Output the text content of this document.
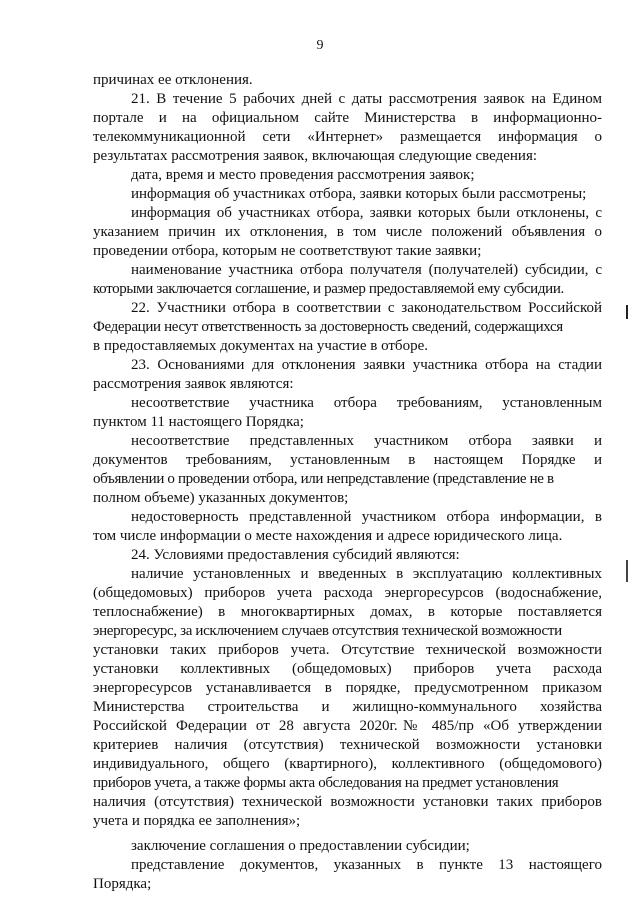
9
причинах ее отклонения.
21. В течение 5 рабочих дней с даты рассмотрения заявок на Едином
портале и на официальном сайте Министерства в информационно-
телекоммуникационной сети «Интернет» размещается информация о
результатах рассмотрения заявок, включающая следующие сведения:
дата, время и место проведения рассмотрения заявок;
информация об участниках отбора, заявки которых были рассмотрены;
информация об участниках отбора, заявки которых были отклонены, с
указанием причин их отклонения, в том числе положений объявления о
проведении отбора, которым не соответствуют такие заявки;
наименование участника отбора получателя (получателей) субсидии, с
которыми заключается соглашение, и размер предоставляемой ему субсидии.
22. Участники отбора в соответствии с законодательством Российской
Федерации несут ответственность за достоверность сведений, содержащихся
в предоставляемых документах на участие в отборе.
23. Основаниями для отклонения заявки участника отбора на стадии
рассмотрения заявок являются:
несоответствие участника отбора требованиям, установленным
пунктом 11 настоящего Порядка;
несоответствие представленных участником отбора заявки и
документов требованиям, установленным в настоящем Порядке и
объявлении о проведении отбора, или непредставление (представление не в
полном объеме) указанных документов;
недостоверность представленной участником отбора информации, в
том числе информации о месте нахождения и адресе юридического лица.
24. Условиями предоставления субсидий являются:
наличие установленных и введенных в эксплуатацию коллективных
(общедомовых) приборов учета расхода энергоресурсов (водоснабжение,
теплоснабжение) в многоквартирных домах, в которые поставляется
энергоресурс, за исключением случаев отсутствия технической возможности
установки таких приборов учета. Отсутствие технической возможности
установки коллективных (общедомовых) приборов учета расхода
энергоресурсов устанавливается в порядке, предусмотренном приказом
Министерства строительства и жилищно-коммунального хозяйства
Российской Федерации от 28 августа 2020г.№ 485/пр «Об утверждении
критериев наличия (отсутствия) технической возможности установки
индивидуального, общего (квартирного), коллективного (общедомового)
приборов учета, а также формы акта обследования на предмет установления
наличия (отсутствия) технической возможности установки таких приборов
учета и порядка ее заполнения»;
заключение соглашения о предоставлении субсидии;
представление документов, указанных в пункте 13 настоящего
Порядка;
